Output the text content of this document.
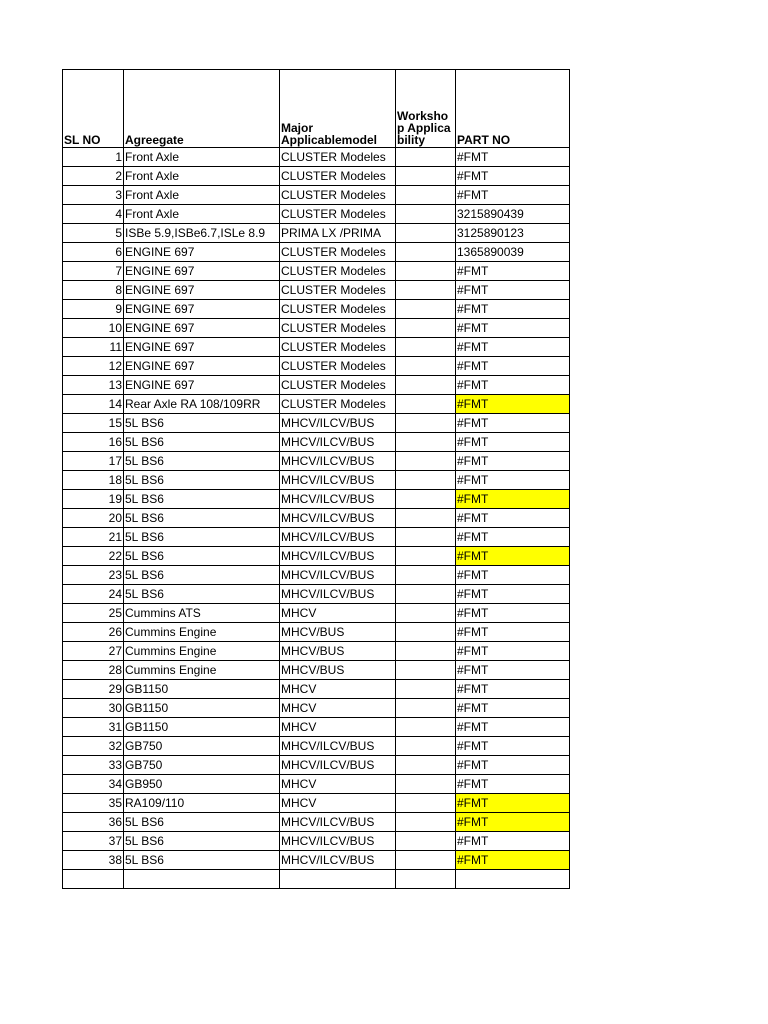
SL NO	Agreegate	Major Applicablemodel	Workshop Applicability	PART NO
1	Front Axle	CLUSTER Modeles		#FMT
2	Front Axle	CLUSTER Modeles		#FMT
3	Front Axle	CLUSTER Modeles		#FMT
4	Front Axle	CLUSTER Modeles		3215890439
5	ISBe 5.9,ISBe6.7,ISLe 8.9	PRIMA LX /PRIMA		3125890123
6	ENGINE 697	CLUSTER Modeles		1365890039
7	ENGINE 697	CLUSTER Modeles		#FMT
8	ENGINE 697	CLUSTER Modeles		#FMT
9	ENGINE 697	CLUSTER Modeles		#FMT
10	ENGINE 697	CLUSTER Modeles		#FMT
11	ENGINE 697	CLUSTER Modeles		#FMT
12	ENGINE 697	CLUSTER Modeles		#FMT
13	ENGINE 697	CLUSTER Modeles		#FMT
14	Rear Axle RA 108/109RR	CLUSTER Modeles		#FMT
15	5L BS6	MHCV/ILCV/BUS		#FMT
16	5L BS6	MHCV/ILCV/BUS		#FMT
17	5L BS6	MHCV/ILCV/BUS		#FMT
18	5L BS6	MHCV/ILCV/BUS		#FMT
19	5L BS6	MHCV/ILCV/BUS		#FMT
20	5L BS6	MHCV/ILCV/BUS		#FMT
21	5L BS6	MHCV/ILCV/BUS		#FMT
22	5L BS6	MHCV/ILCV/BUS		#FMT
23	5L BS6	MHCV/ILCV/BUS		#FMT
24	5L BS6	MHCV/ILCV/BUS		#FMT
25	Cummins ATS	MHCV		#FMT
26	Cummins Engine	MHCV/BUS		#FMT
27	Cummins Engine	MHCV/BUS		#FMT
28	Cummins Engine	MHCV/BUS		#FMT
29	GB1150	MHCV		#FMT
30	GB1150	MHCV		#FMT
31	GB1150	MHCV		#FMT
32	GB750	MHCV/ILCV/BUS		#FMT
33	GB750	MHCV/ILCV/BUS		#FMT
34	GB950	MHCV		#FMT
35	RA109/110	MHCV		#FMT
36	5L BS6	MHCV/ILCV/BUS		#FMT
37	5L BS6	MHCV/ILCV/BUS		#FMT
38	5L BS6	MHCV/ILCV/BUS		#FMT
